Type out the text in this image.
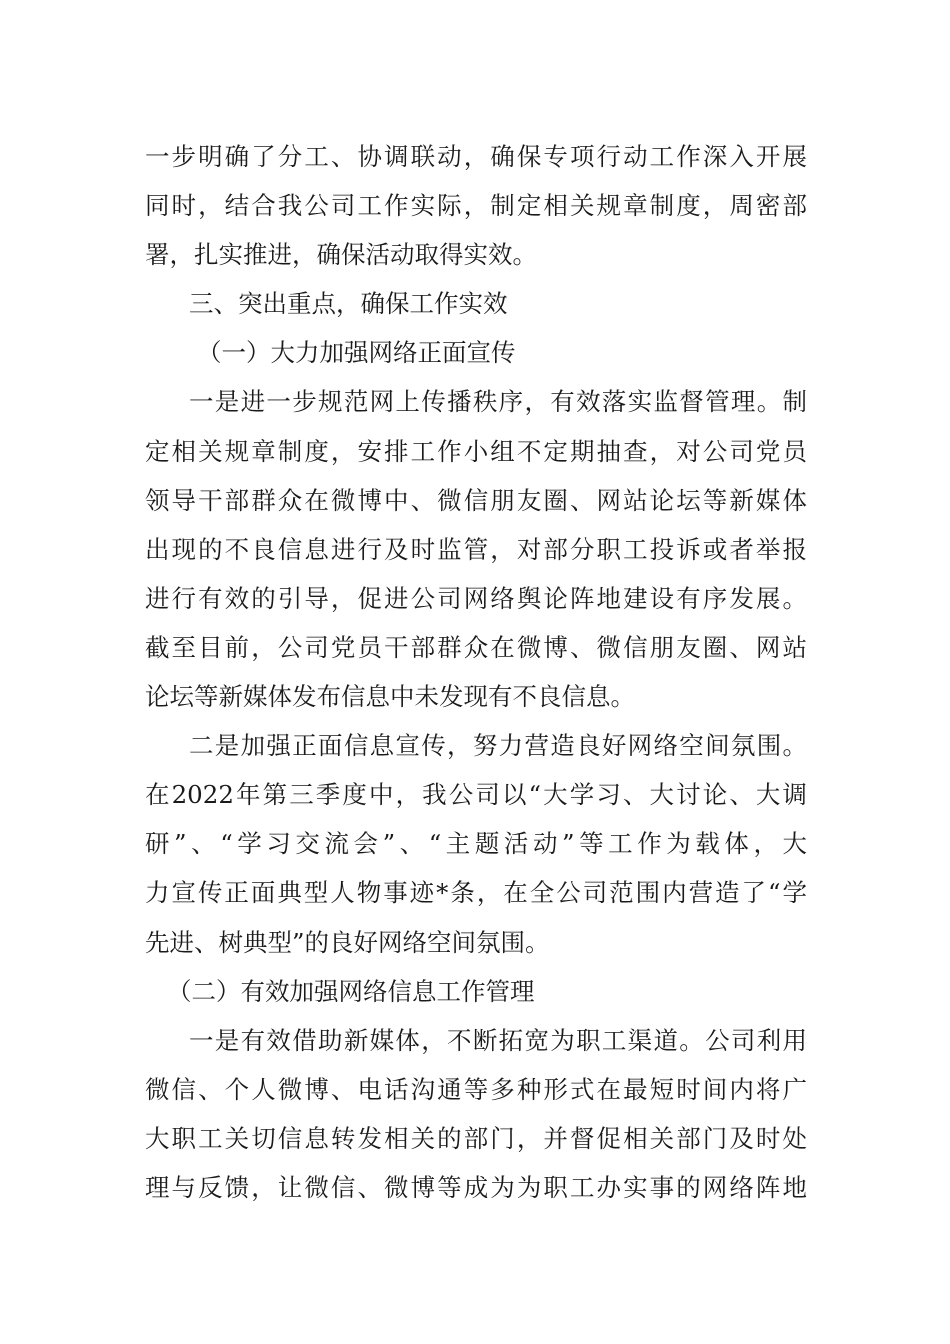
一步明确了分工、协调联动，确保专项行动工作深入开展
同时，结合我公司工作实际，制定相关规章制度，周密部
署，扎实推进，确保活动取得实效。
三、突出重点，确保工作实效
（一）大力加强网络正面宣传
一是进一步规范网上传播秩序，有效落实监督管理。制
定相关规章制度，安排工作小组不定期抽查，对公司党员
领导干部群众在微博中、微信朋友圈、网站论坛等新媒体
出现的不良信息进行及时监管，对部分职工投诉或者举报
进行有效的引导，促进公司网络舆论阵地建设有序发展。
截至目前，公司党员干部群众在微博、微信朋友圈、网站
论坛等新媒体发布信息中未发现有不良信息。
二是加强正面信息宣传，努力营造良好网络空间氛围。
在2022年第三季度中，我公司以“大学习、大讨论、大调
研”、“学习交流会”、“主题活动”等工作为载体，大
力宣传正面典型人物事迹*条，在全公司范围内营造了“学
先进、树典型”的良好网络空间氛围。
（二）有效加强网络信息工作管理
一是有效借助新媒体，不断拓宽为职工渠道。公司利用
微信、个人微博、电话沟通等多种形式在最短时间内将广
大职工关切信息转发相关的部门，并督促相关部门及时处
理与反馈，让微信、微博等成为为职工办实事的网络阵地
